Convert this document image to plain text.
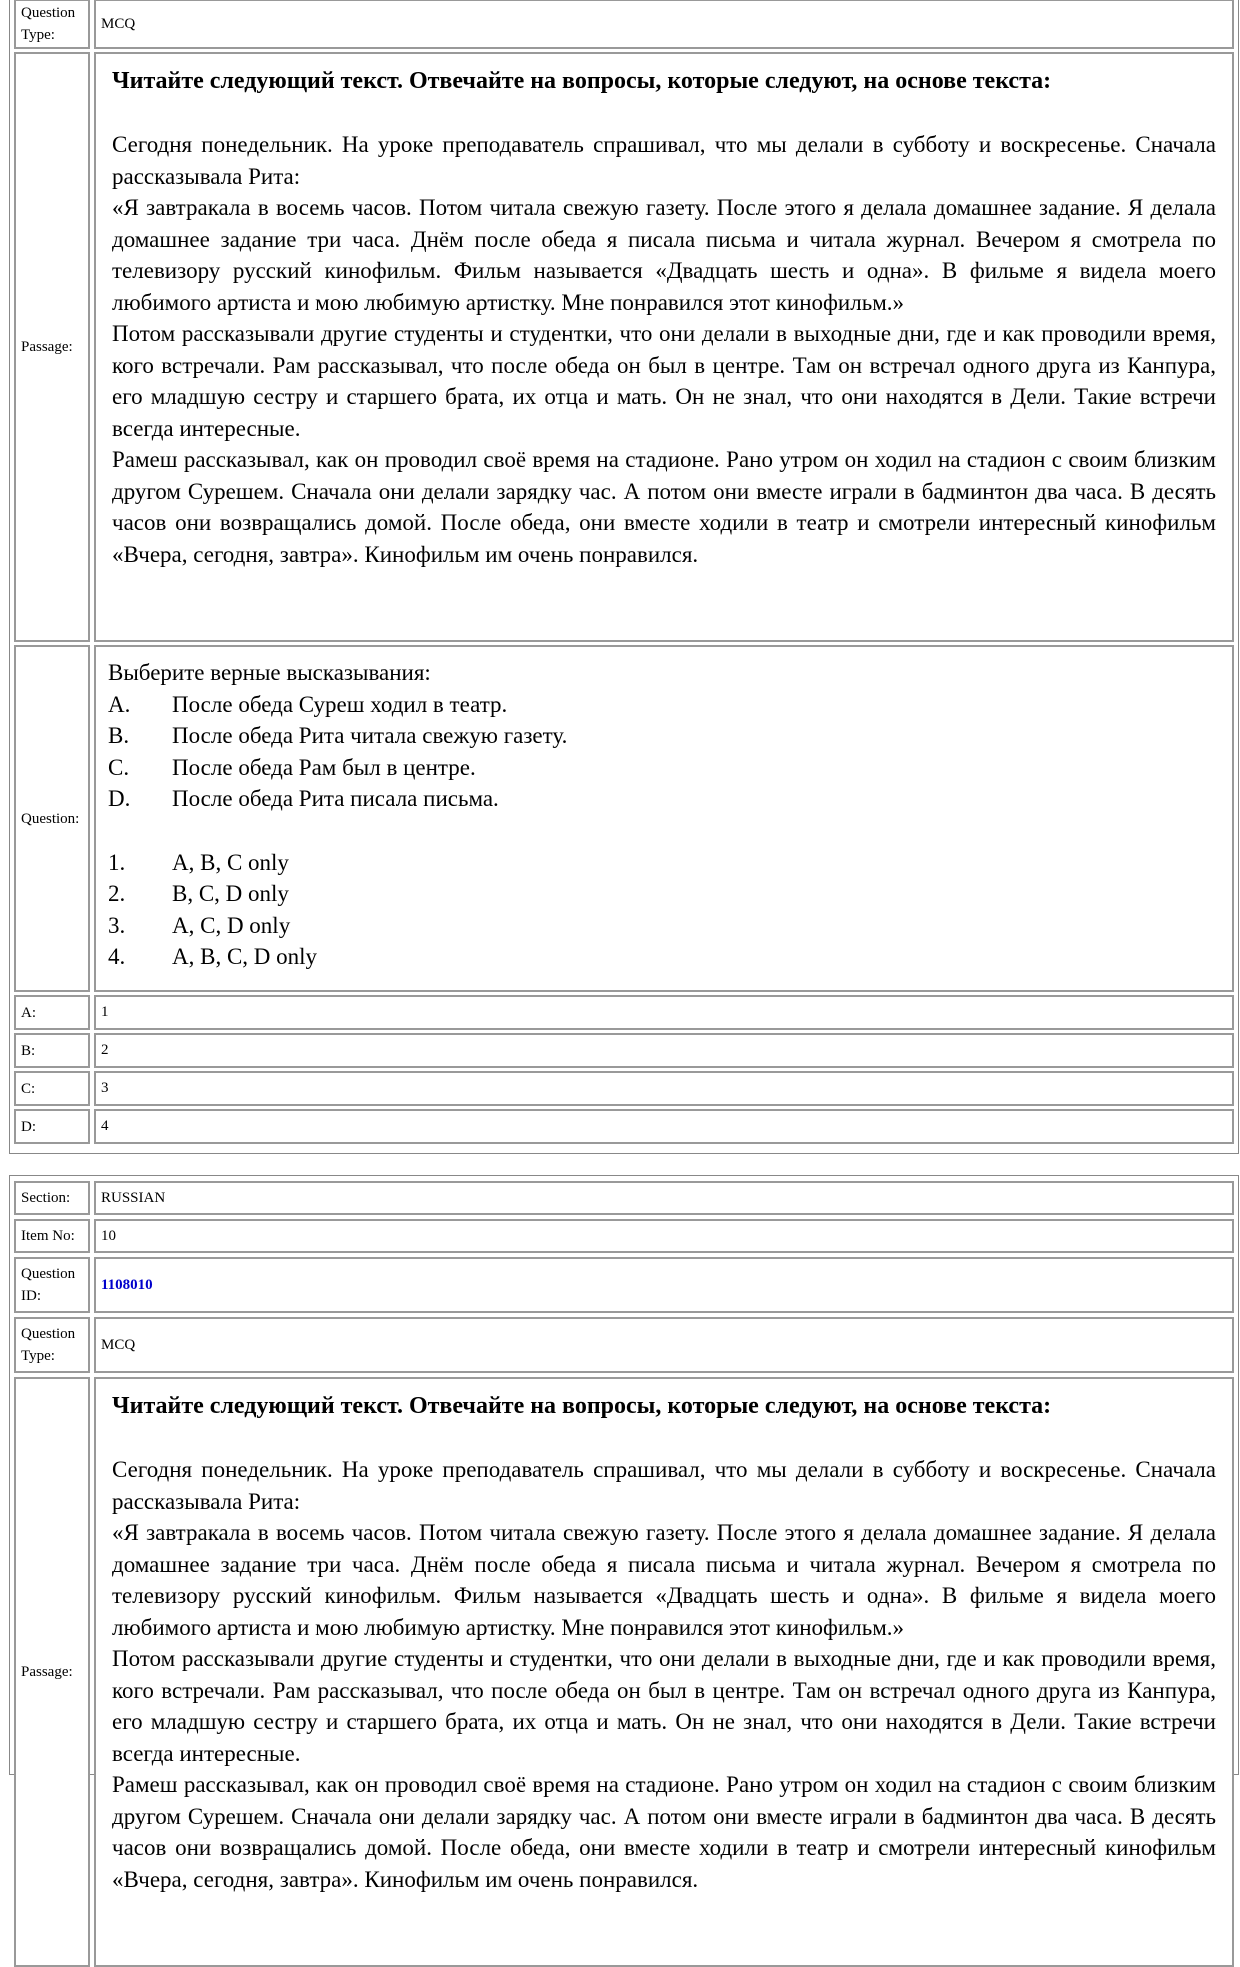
Question Type:
MCQ
Passage:
Читайте следующий текст. Отвечайте на вопросы, которые следуют, на основе текста:

Сегодня понедельник. На уроке преподаватель спрашивал, что мы делали в субботу и воскресенье. Сначала рассказывала Рита:

«Я завтракала в восемь часов. Потом читала свежую газету. После этого я делала домашнее задание. Я делала домашнее задание три часа. Днём после обеда я писала письма и читала журнал. Вечером я смотрела по телевизору русский кинофильм. Фильм называется «Двадцать шесть и одна». В фильме я видела моего любимого артиста и мою любимую артистку. Мне понравился этот кинофильм.»

Потом рассказывали другие студенты и студентки, что они делали в выходные дни, где и как проводили время, кого встречали. Рам рассказывал, что после обеда он был в центре. Там он встречал одного друга из Канпура, его младшую сестру и старшего брата, их отца и мать. Он не знал, что они находятся в Дели. Такие встречи всегда интересные.

Рамеш рассказывал, как он проводил своё время на стадионе. Рано утром он ходил на стадион с своим близким другом Сурешем. Сначала они делали зарядку час. А потом они вместе играли в бадминтон два часа. В десять часов они возвращались домой. После обеда, они вместе ходили в театр и смотрели интересный кинофильм «Вчера, сегодня, завтра». Кинофильм им очень понравился.

Question:
Выберите верные высказывания:
A.	После обеда Суреш ходил в театр.
B.	После обеда Рита читала свежую газету.
C.	После обеда Рам был в центре.
D.	После обеда Рита писала письма.
1.	A, B, C only
2.	B, C, D only
3.	A, C, D only
4.	A, B, C, D only
A:	1
B:	2
C:	3
D:	4
Section:	RUSSIAN
Item No:	10
Question ID:
1108010
Question Type:
MCQ
Passage:
Читайте следующий текст. Отвечайте на вопросы, которые следуют, на основе текста:

Сегодня понедельник. На уроке преподаватель спрашивал, что мы делали в субботу и воскресенье. Сначала рассказывала Рита:

«Я завтракала в восемь часов. Потом читала свежую газету. После этого я делала домашнее задание. Я делала домашнее задание три часа. Днём после обеда я писала письма и читала журнал. Вечером я смотрела по телевизору русский кинофильм. Фильм называется «Двадцать шесть и одна». В фильме я видела моего любимого артиста и мою любимую артистку. Мне понравился этот кинофильм.»

Потом рассказывали другие студенты и студентки, что они делали в выходные дни, где и как проводили время, кого встречали. Рам рассказывал, что после обеда он был в центре. Там он встречал одного друга из Канпура, его младшую сестру и старшего брата, их отца и мать. Он не знал, что они находятся в Дели. Такие встречи всегда интересные.

Рамеш рассказывал, как он проводил своё время на стадионе. Рано утром он ходил на стадион с своим близким другом Сурешем. Сначала они делали зарядку час. А потом они вместе играли в бадминтон два часа. В десять часов они возвращались домой. После обеда, они вместе ходили в театр и смотрели интересный кинофильм «Вчера, сегодня, завтра». Кинофильм им очень понравился.
